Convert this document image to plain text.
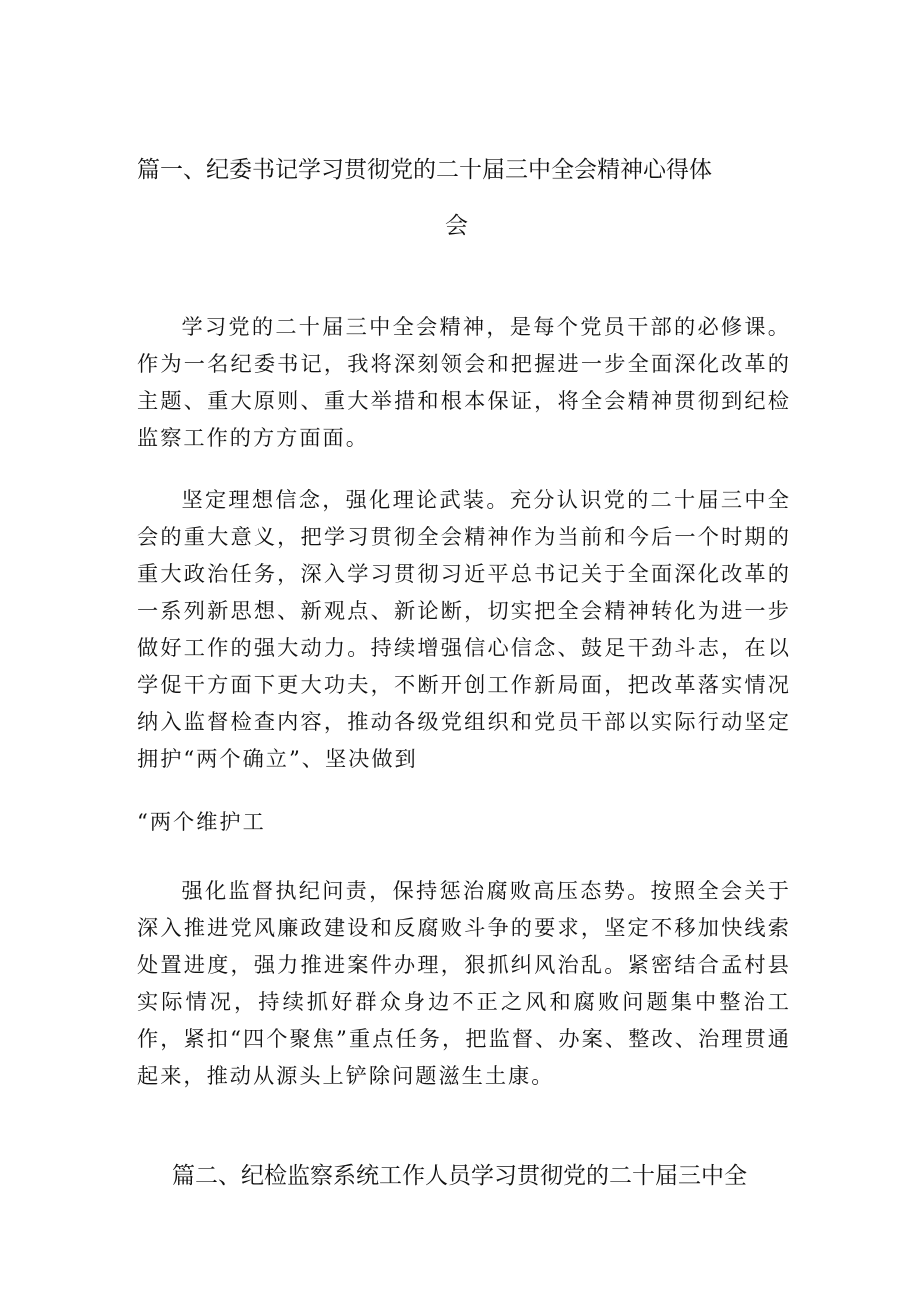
篇一、纪委书记学习贯彻党的二十届三中全会精神心得体
会

学习党的二十届三中全会精神，是每个党员干部的必修课。作为一名纪委书记，我将深刻领会和把握进一步全面深化改革的主题、重大原则、重大举措和根本保证，将全会精神贯彻到纪检监察工作的方方面面。

坚定理想信念，强化理论武装。充分认识党的二十届三中全会的重大意义，把学习贯彻全会精神作为当前和今后一个时期的重大政治任务，深入学习贯彻习近平总书记关于全面深化改革的一系列新思想、新观点、新论断，切实把全会精神转化为进一步做好工作的强大动力。持续增强信心信念、鼓足干劲斗志，在以学促干方面下更大功夫，不断开创工作新局面，把改革落实情况纳入监督检查内容，推动各级党组织和党员干部以实际行动坚定拥护“两个确立”、坚决做到

“两个维护工

强化监督执纪问责，保持惩治腐败高压态势。按照全会关于深入推进党风廉政建设和反腐败斗争的要求，坚定不移加快线索处置进度，强力推进案件办理，狠抓纠风治乱。紧密结合孟村县实际情况，持续抓好群众身边不正之风和腐败问题集中整治工作，紧扣“四个聚焦”重点任务，把监督、办案、整改、治理贯通起来，推动从源头上铲除问题滋生土康。

篇二、纪检监察系统工作人员学习贯彻党的二十届三中全
